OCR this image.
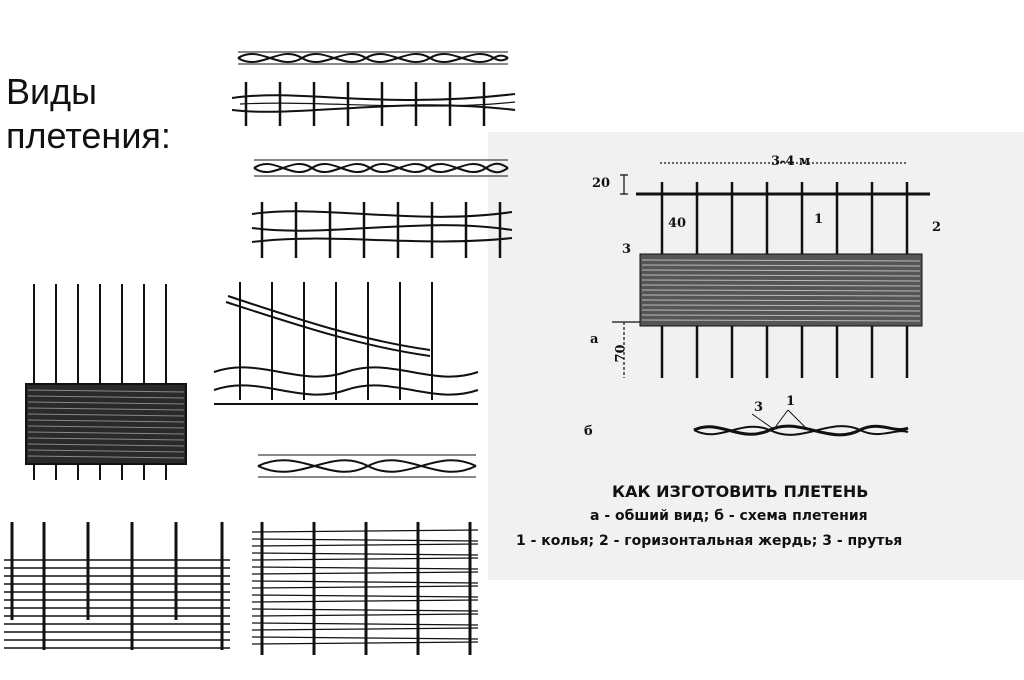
Виды
плетения:
3-4 м
20
40
70
1
2
3
а
б
3 1
КАК ИЗГОТОВИТЬ ПЛЕТЕНЬ
а - обший вид; б - схема плетения
1 - колья; 2 - горизонтальная жердь; 3 - прутья
